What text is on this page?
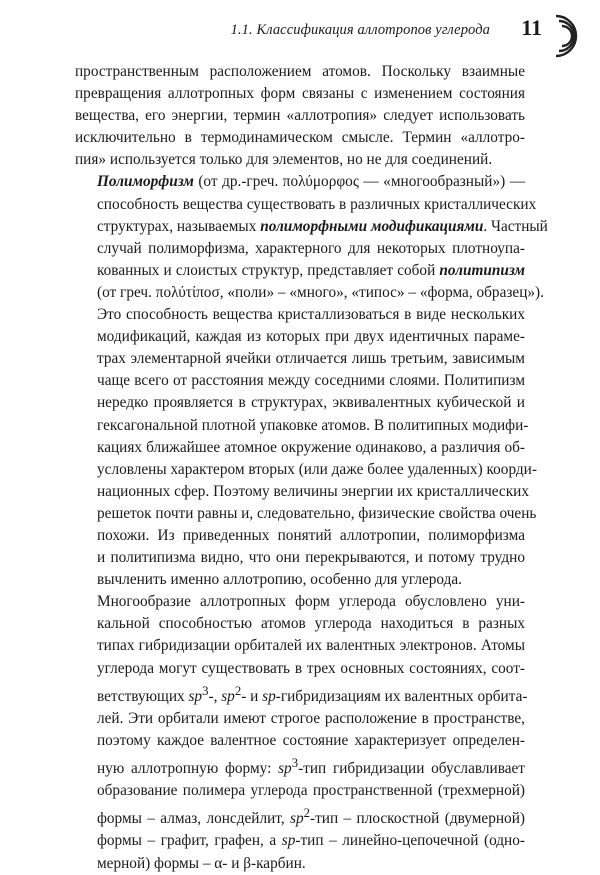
1.1. Классификация аллотропов углерода 11

пространственным расположением атомов. Поскольку взаимные
превращения аллотропных форм связаны с изменением состояния
вещества, его энергии, термин «аллотропия» следует использовать
исключительно в термодинамическом смысле. Термин «аллотро-
пия» используется только для элементов, но не для соединений.

Полиморфизм (от др.-греч. πολύμορφος — «многообразный») —
способность вещества существовать в различных кристаллических
структурах, называемых полиморфными модификациями. Частный
случай полиморфизма, характерного для некоторых плотноупа-
кованных и слоистых структур, представляет собой политипизм
(от греч. πολύτίποσ, «поли» – «много», «типос» – «форма, образец»).
Это способность вещества кристаллизоваться в виде нескольких
модификаций, каждая из которых при двух идентичных параме-
трах элементарной ячейки отличается лишь третьим, зависимым
чаще всего от расстояния между соседними слоями. Политипизм
нередко проявляется в структурах, эквивалентных кубической и
гексагональной плотной упаковке атомов. В политипных модифи-
кациях ближайшее атомное окружение одинаково, а различия об-
условлены характером вторых (или даже более удаленных) коорди-
национных сфер. Поэтому величины энергии их кристаллических
решеток почти равны и, следовательно, физические свойства очень
похожи. Из приведенных понятий аллотропии, полиморфизма
и политипизма видно, что они перекрываются, и потому трудно
вычленить именно аллотропию, особенно для углерода.

Многообразие аллотропных форм углерода обусловлено уни-
кальной способностью атомов углерода находиться в разных
типах гибридизации орбиталей их валентных электронов. Атомы
углерода могут существовать в трех основных состояниях, соот-
ветствующих $sp^3-$, $sp^2-$ и sp-гибридизациям их валентных орбита-
лей. Эти орбитали имеют строгое расположение в пространстве,
поэтому каждое валентное состояние характеризует определен-
ную аллотропную форму: $sp^3$-тип гибридизации обуславливает
образование полимера углерода пространственной (трехмерной)
формы – алмаз, лонсдейлит, $sp^2$-тип – плоскостной (двумерной)
формы – графит, графен, а sp-тип – линейно-цепочечной (одно-
мерной) формы – α- и β-карбин.
